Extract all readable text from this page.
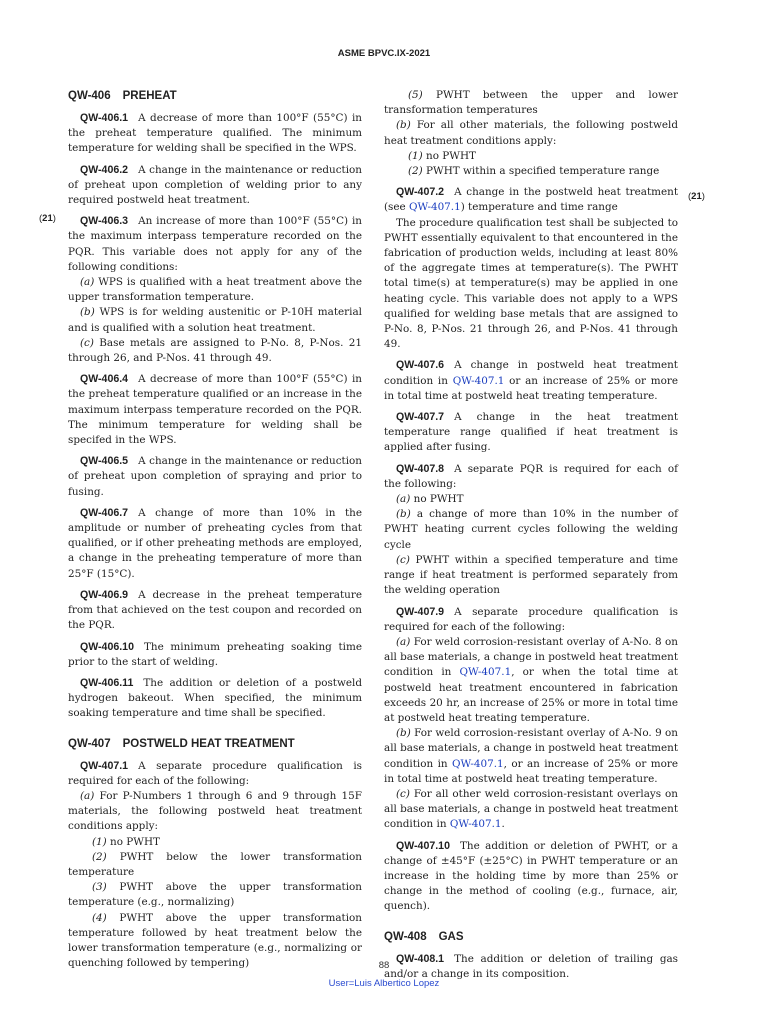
ASME BPVC.IX-2021
(21)
(21)
QW-406 PREHEAT

QW-406.1 A decrease of more than 100°F (55°C) in the preheat temperature qualified. The minimum temperature for welding shall be specified in the WPS.

QW-406.2 A change in the maintenance or reduction of preheat upon completion of welding prior to any required postweld heat treatment.

QW-406.3 An increase of more than 100°F (55°C) in the maximum interpass temperature recorded on the PQR. This variable does not apply for any of the following conditions:

(a) WPS is qualified with a heat treatment above the upper transformation temperature.

(b) WPS is for welding austenitic or P-10H material and is qualified with a solution heat treatment.

(c) Base metals are assigned to P-No. 8, P-Nos. 21 through 26, and P-Nos. 41 through 49.

QW-406.4 A decrease of more than 100°F (55°C) in the preheat temperature qualified or an increase in the maximum interpass temperature recorded on the PQR. The minimum temperature for welding shall be specifed in the WPS.

QW-406.5 A change in the maintenance or reduction of preheat upon completion of spraying and prior to fusing.

QW-406.7 A change of more than 10% in the amplitude or number of preheating cycles from that qualified, or if other preheating methods are employed, a change in the preheating temperature of more than 25°F (15°C).

QW-406.9 A decrease in the preheat temperature from that achieved on the test coupon and recorded on the PQR.

QW-406.10 The minimum preheating soaking time prior to the start of welding.

QW-406.11 The addition or deletion of a postweld hydrogen bakeout. When specified, the minimum soaking temperature and time shall be specified.

QW-407 POSTWELD HEAT TREATMENT

QW-407.1 A separate procedure qualification is required for each of the following:

(a) For P-Numbers 1 through 6 and 9 through 15F materials, the following postweld heat treatment conditions apply:

(1) no PWHT

(2) PWHT below the lower transformation temperature

(3) PWHT above the upper transformation temperature (e.g., normalizing)

(4) PWHT above the upper transformation temperature followed by heat treatment below the lower transformation temperature (e.g., normalizing or quenching followed by tempering)

(5) PWHT between the upper and lower transformation temperatures

(b) For all other materials, the following postweld heat treatment conditions apply:

(1) no PWHT

(2) PWHT within a specified temperature range

QW-407.2 A change in the postweld heat treatment (see QW-407.1) temperature and time range

The procedure qualification test shall be subjected to PWHT essentially equivalent to that encountered in the fabrication of production welds, including at least 80% of the aggregate times at temperature(s). The PWHT total time(s) at temperature(s) may be applied in one heating cycle. This variable does not apply to a WPS qualified for welding base metals that are assigned to P-No. 8, P-Nos. 21 through 26, and P-Nos. 41 through 49.

QW-407.6 A change in postweld heat treatment condition in QW-407.1 or an increase of 25% or more in total time at postweld heat treating temperature.

QW-407.7 A change in the heat treatment temperature range qualified if heat treatment is applied after fusing.

QW-407.8 A separate PQR is required for each of the following:

(a) no PWHT

(b) a change of more than 10% in the number of PWHT heating current cycles following the welding cycle

(c) PWHT within a specified temperature and time range if heat treatment is performed separately from the welding operation

QW-407.9 A separate procedure qualification is required for each of the following:

(a) For weld corrosion-resistant overlay of A-No. 8 on all base materials, a change in postweld heat treatment condition in QW-407.1, or when the total time at postweld heat treatment encountered in fabrication exceeds 20 hr, an increase of 25% or more in total time at postweld heat treating temperature.

(b) For weld corrosion-resistant overlay of A-No. 9 on all base materials, a change in postweld heat treatment condition in QW-407.1, or an increase of 25% or more in total time at postweld heat treating temperature.

(c) For all other weld corrosion-resistant overlays on all base materials, a change in postweld heat treatment condition in QW-407.1.

QW-407.10 The addition or deletion of PWHT, or a change of ±45°F (±25°C) in PWHT temperature or an increase in the holding time by more than 25% or change in the method of cooling (e.g., furnace, air, quench).

QW-408 GAS

QW-408.1 The addition or deletion of trailing gas and/or a change in its composition.

88
User=Luis Albertico Lopez
